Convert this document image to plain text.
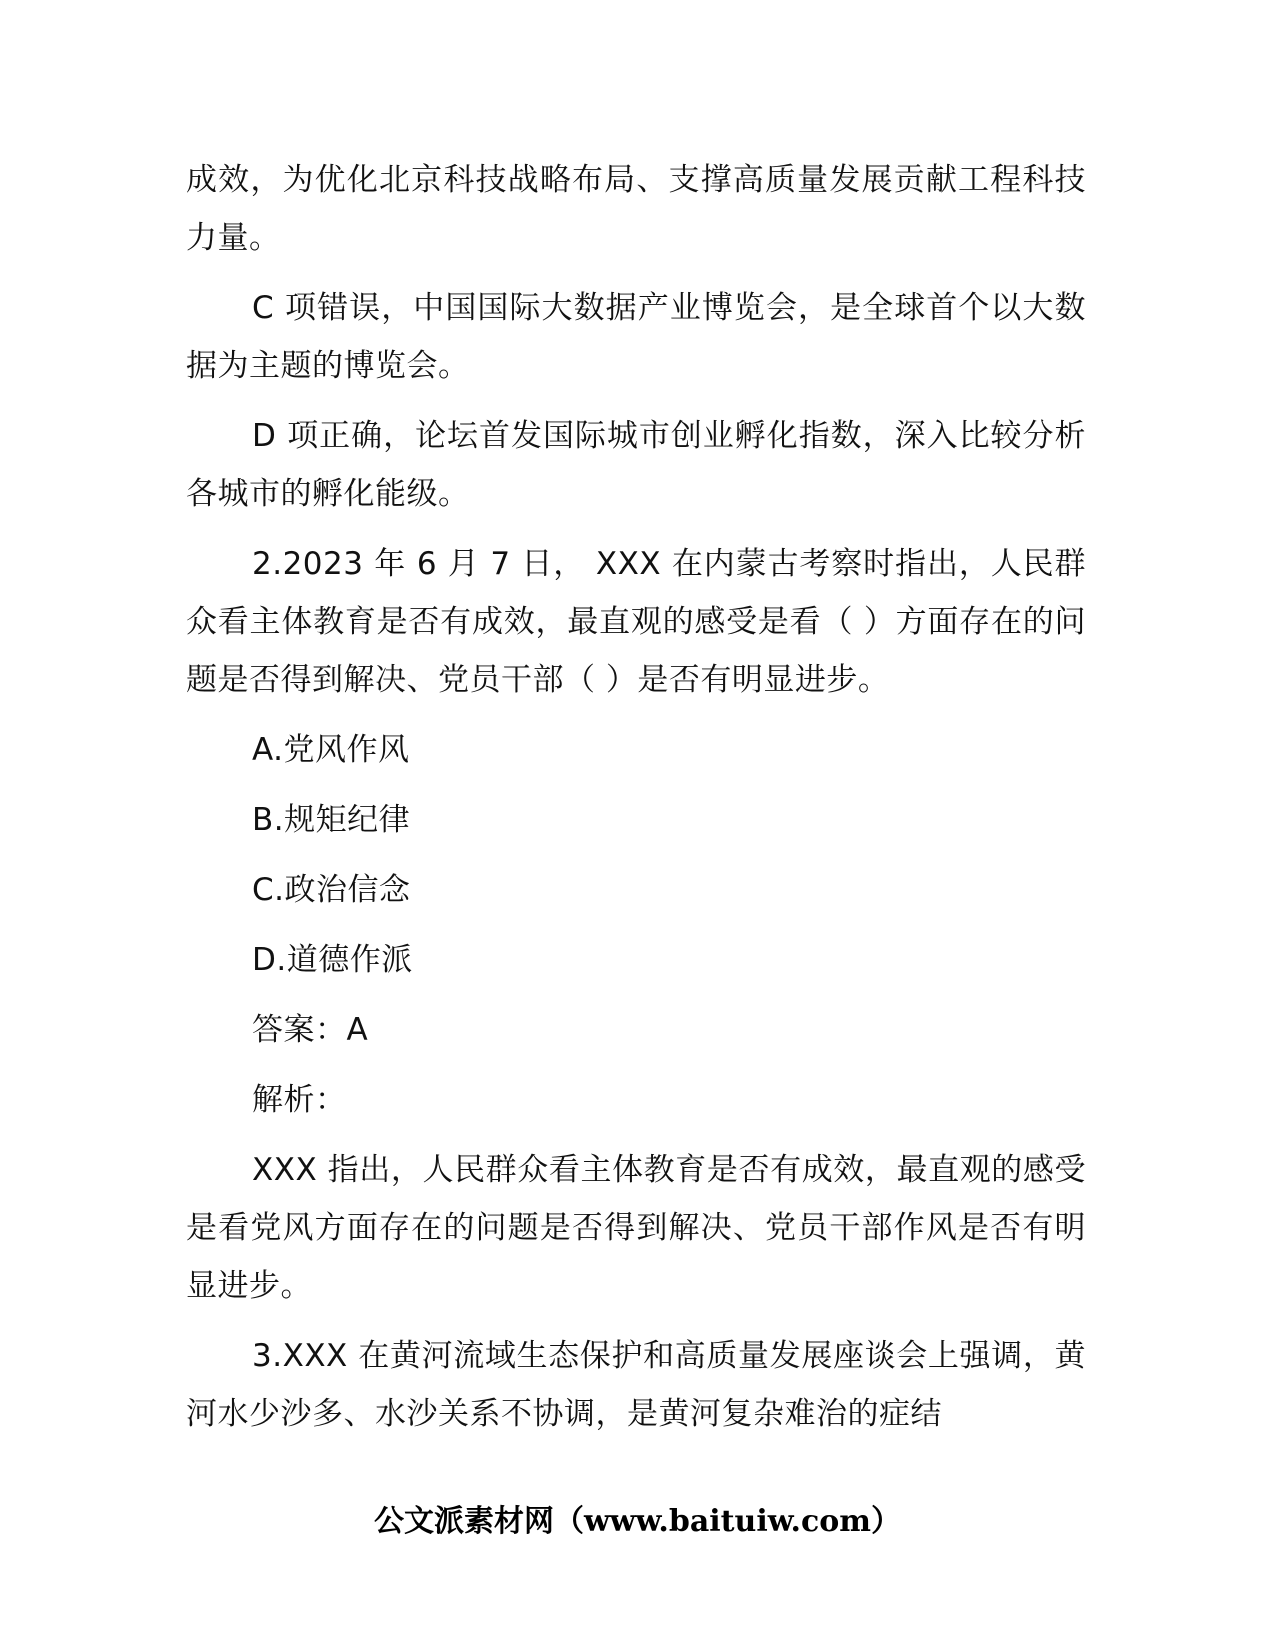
成效，为优化北京科技战略布局、支撑高质量发展贡献工程科技力量。

C 项错误，中国国际大数据产业博览会，是全球首个以大数据为主题的博览会。

D 项正确，论坛首发国际城市创业孵化指数，深入比较分析各城市的孵化能级。

2.2023 年 6 月 7 日， XXX 在内蒙古考察时指出，人民群众看主体教育是否有成效，最直观的感受是看（ ）方面存在的问题是否得到解决、党员干部（ ）是否有明显进步。

A.党风作风

B.规矩纪律

C.政治信念

D.道德作派

答案：A

解析：

XXX 指出，人民群众看主体教育是否有成效，最直观的感受是看党风方面存在的问题是否得到解决、党员干部作风是否有明显进步。

3.XXX 在黄河流域生态保护和高质量发展座谈会上强调，黄河水少沙多、水沙关系不协调，是黄河复杂难治的症结

公文派素材网（www.baituiw.com）
